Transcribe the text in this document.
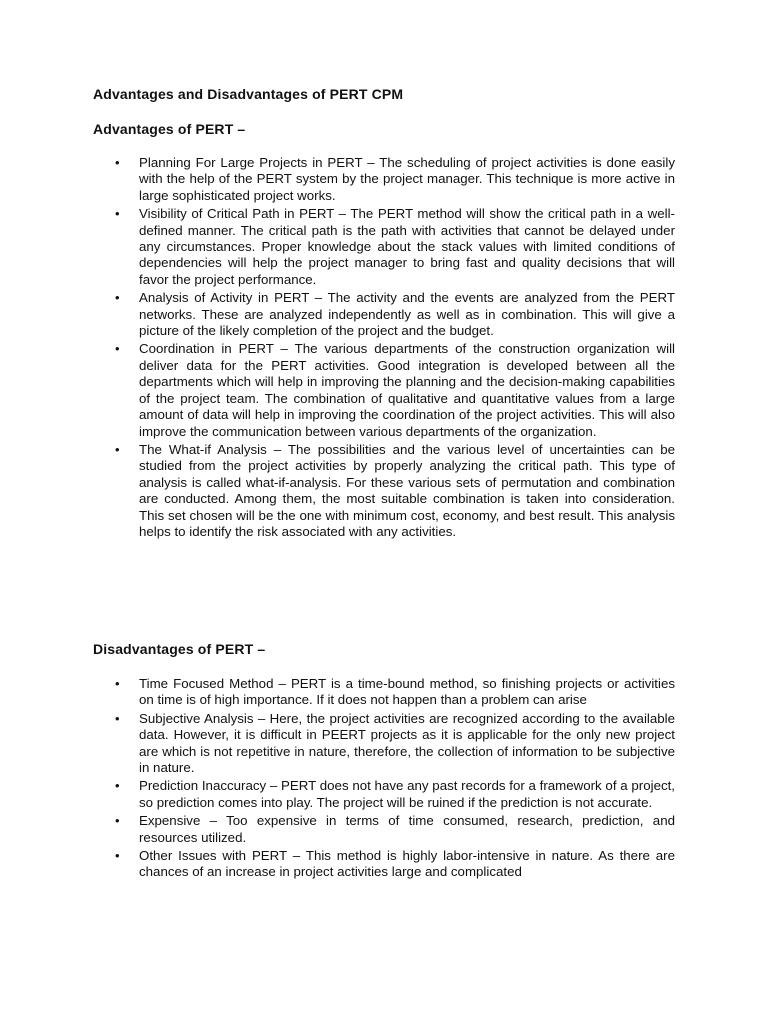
Advantages and Disadvantages of PERT CPM
Advantages of PERT –
•	Planning For Large Projects in PERT – The scheduling of project activities is done easily with the help of the PERT system by the project manager. This technique is more active in large sophisticated project works.
•	Visibility of Critical Path in PERT – The PERT method will show the critical path in a well-defined manner. The critical path is the path with activities that cannot be delayed under any circumstances. Proper knowledge about the stack values with limited conditions of dependencies will help the project manager to bring fast and quality decisions that will favor the project performance.
•	Analysis of Activity in PERT – The activity and the events are analyzed from the PERT networks. These are analyzed independently as well as in combination. This will give a picture of the likely completion of the project and the budget.
•	Coordination in PERT – The various departments of the construction organization will deliver data for the PERT activities. Good integration is developed between all the departments which will help in improving the planning and the decision-making capabilities of the project team. The combination of qualitative and quantitative values from a large amount of data will help in improving the coordination of the project activities. This will also improve the communication between various departments of the organization.
•	The What-if Analysis – The possibilities and the various level of uncertainties can be studied from the project activities by properly analyzing the critical path. This type of analysis is called what-if-analysis. For these various sets of permutation and combination are conducted. Among them, the most suitable combination is taken into consideration. This set chosen will be the one with minimum cost, economy, and best result. This analysis helps to identify the risk associated with any activities.
Disadvantages of PERT –
•	Time Focused Method – PERT is a time-bound method, so finishing projects or activities on time is of high importance. If it does not happen than a problem can arise
•	Subjective Analysis – Here, the project activities are recognized according to the available data. However, it is difficult in PEERT projects as it is applicable for the only new project are which is not repetitive in nature, therefore, the collection of information to be subjective in nature.
•	Prediction Inaccuracy – PERT does not have any past records for a framework of a project, so prediction comes into play. The project will be ruined if the prediction is not accurate.
•	Expensive – Too expensive in terms of time consumed, research, prediction, and resources utilized.
•	Other Issues with PERT – This method is highly labor-intensive in nature. As there are chances of an increase in project activities large and complicated
